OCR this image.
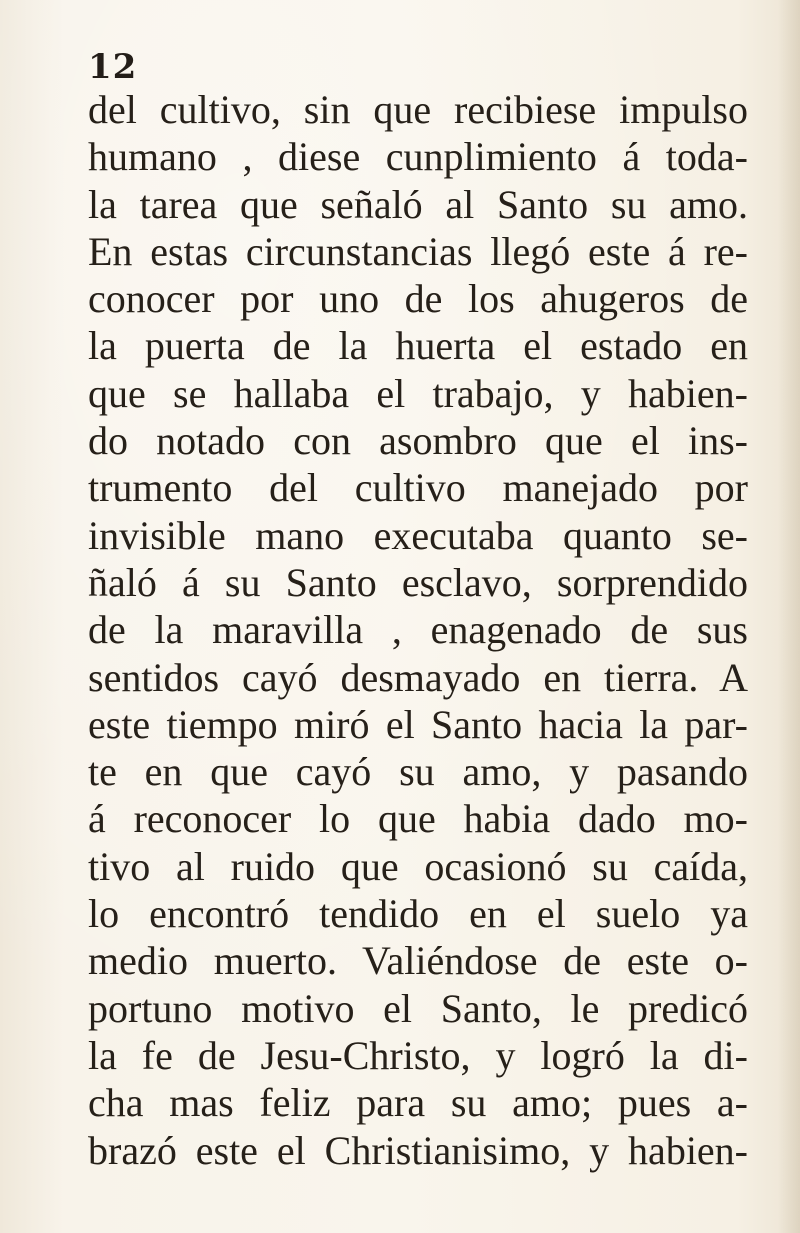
12
del cultivo, sin que recibiese impulso
humano , diese cunplimiento á toda-
la tarea que señaló al Santo su amo.
En estas circunstancias llegó este á re-
conocer por uno de los ahugeros de
la puerta de la huerta el estado en
que se hallaba el trabajo, y habien-
do notado con asombro que el ins-
trumento del cultivo manejado por
invisible mano executaba quanto se-
ñaló á su Santo esclavo, sorprendido
de la maravilla , enagenado de sus
sentidos cayó desmayado en tierra. A
este tiempo miró el Santo hacia la par-
te en que cayó su amo, y pasando
á reconocer lo que habia dado mo-
tivo al ruido que ocasionó su caída,
lo encontró tendido en el suelo ya
medio muerto. Valiéndose de este o-
portuno motivo el Santo, le predicó
la fe de Jesu-Christo, y logró la di-
cha mas feliz para su amo; pues a-
brazó este el Christianisimo, y habien-
